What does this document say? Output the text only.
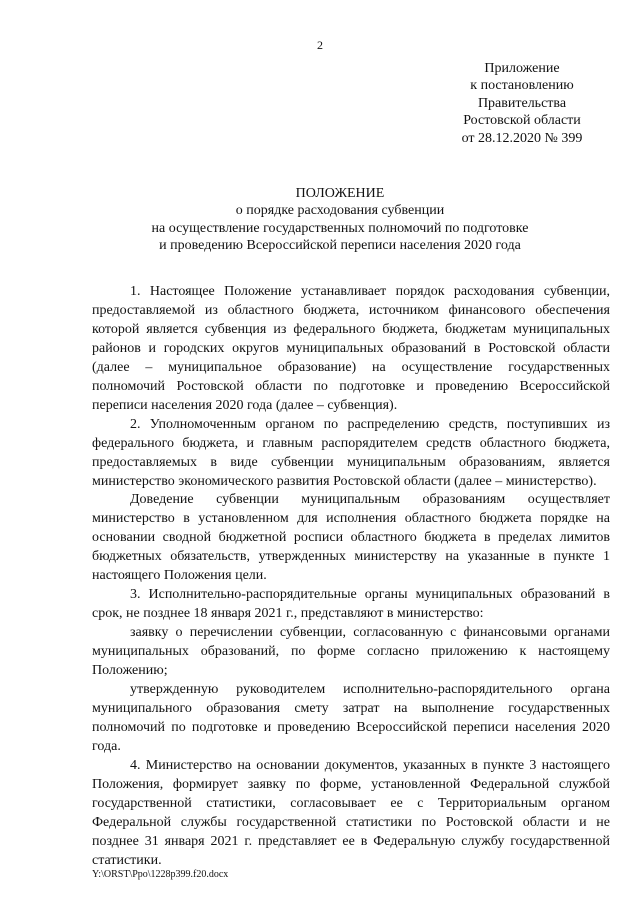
2
Приложение
к постановлению
Правительства
Ростовской области
от 28.12.2020 № 399
ПОЛОЖЕНИЕ
о порядке расходования субвенции
на осуществление государственных полномочий по подготовке
и проведению Всероссийской переписи населения 2020 года

1. Настоящее Положение устанавливает порядок расходования субвенции, предоставляемой из областного бюджета, источником финансового обеспечения которой является субвенция из федерального бюджета, бюджетам муниципальных районов и городских округов муниципальных образований в Ростовской области (далее – муниципальное образование) на осуществление государственных полномочий Ростовской области по подготовке и проведению Всероссийской переписи населения 2020 года (далее – субвенция).

2. Уполномоченным органом по распределению средств, поступивших из федерального бюджета, и главным распорядителем средств областного бюджета, предоставляемых в виде субвенции муниципальным образованиям, является министерство экономического развития Ростовской области (далее – министерство).

Доведение субвенции муниципальным образованиям осуществляет министерство в установленном для исполнения областного бюджета порядке на основании сводной бюджетной росписи областного бюджета в пределах лимитов бюджетных обязательств, утвержденных министерству на указанные в пункте 1 настоящего Положения цели.

3. Исполнительно-распорядительные органы муниципальных образований в срок, не позднее 18 января 2021 г., представляют в министерство:

заявку о перечислении субвенции, согласованную с финансовыми органами муниципальных образований, по форме согласно приложению к настоящему Положению;

утвержденную руководителем исполнительно-распорядительного органа муниципального образования смету затрат на выполнение государственных полномочий по подготовке и проведению Всероссийской переписи населения 2020 года.

4. Министерство на основании документов, указанных в пункте 3 настоящего Положения, формирует заявку по форме, установленной Федеральной службой государственной статистики, согласовывает ее с Территориальным органом Федеральной службы государственной статистики по Ростовской области и не позднее 31 января 2021 г. представляет ее в Федеральную службу государственной статистики.

Y:\ORST\Ppo\1228p399.f20.docx
